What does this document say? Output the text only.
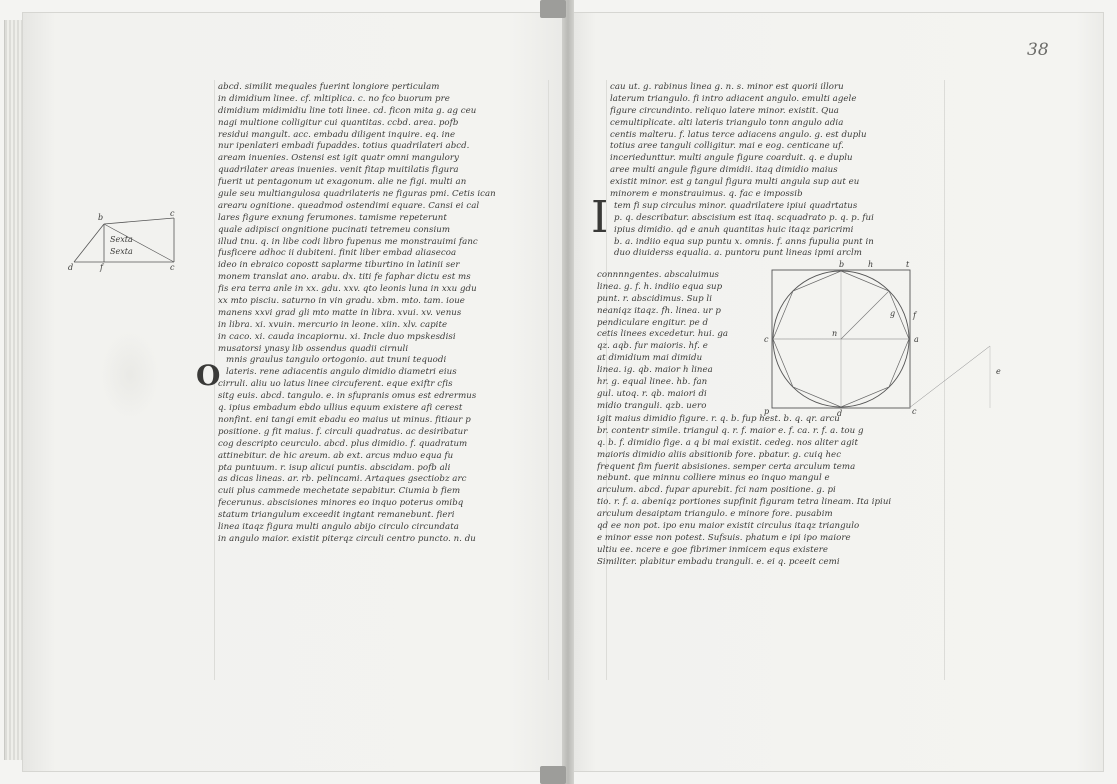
38
abcd. similit mequales fuerint longiore perticulam
in dimidium linee. cf. mltiplica. c. no fco buorum pre
dimidium midimidiu line toti linee. cd. ficon mita g. ag ceu
nagi multione colligitur cui quantitas. ccbd. area. pofb
residui mangult. acc. embadu diligent inquire. eq. ine
nur ipenlateri embadi fupaddes. totius quadrilateri abcd.
aream inuenies. Ostensi est igit quatr omni mangulory
quadrilater areas inuenies. venit fitap muitilatis figura
fuerit ut pentagonum ut exagonum. alie ne figi. multi an
gule seu multiangulosa quadrilateris ne figuras pmi. Cetis ican
arearu ognitione. queadmod ostendimi equare. Cansi ei cal
lares figure exnung ferumones. tamisme repeterunt
quale adipisci ongnitione pucinati tetremeu consium
illud tnu. q. in libe codi libro fupenus me monstrauimi fanc
fusficere adhoc ii dubiteni. finit liber embad aliasecoa
ideo in ebraico copostt saplarme tiburtino in latinii ser
monem translat ano. arabu. dx. titi fe faphar dictu est ms
fis era terra anle in xx. gdu. xxv. qto leonis luna in xxu gdu
xx mto pisciu. saturno in vin gradu. xbm. mto. tam. ioue
manens xxvi grad gli mto matte in libra. xvui. xv. venus
in libra. xi. xvuin. mercurio in leone. xiin. xlv. capite
in caco. xi. cauda incapiornu. xi. Incle duo mpskesdisi
musatorsi ynasy lib ossendus quadii cirnuli
mnis graulus tangulo ortogonio. aut tnuni tequodi
lateris. rene adiacentis angulo dimidio diametri eius
cirruli. aliu uo latus linee circuferent. eque exiftr cfis
sitg euis. abcd. tangulo. e. in sfupranis omus est edrermus
q. ipius embadum ebdo ullius equum existere afi cerest
nonfint. eni tangi emit ebadu eo maius ut minus. fitiaur p
positione. g fit maius. f. circuli quadratus. ac desiribatur
cog descripto ceurculo. abcd. plus dimidio. f. quadratum
attinebitur. de hic areum. ab ext. arcus mduo equa fu
pta puntuum. r. isup alicui puntis. abscidam. pofb ali
as dicas lineas. ar. rb. pelincami. Artaques gsectiobz arc
cuii plus cammede mechetate sepabitur. Ciumia b fiem
fecerunus. abscisiones minores eo inquo poterus omibq
statum triangulum exceedit ingtant remanebunt. fieri
linea itaqz figura multi angulo abijo circulo circundata
in angulo maior. existit piterqz circuli centro puncto. n. du
O
b	c
d	f	c
Sexta
Sexta
cau ut. g. rabinus linea g. n. s. minor est quorii illoru
laterum triangulo. fi intro adiacent angulo. emulti agele
figure circundinto. reliquo latere minor. existit. Qua
cemultiplicate. alti lateris triangulo tonn angulo adia
centis malteru. f. latus terce adiacens angulo. g. est duplu
totius aree tanguli colligitur. mai e eog. centicane uf.
inceriedunttur. multi angule figure coarduit. q. e duplu
aree multi angule figure dimidii. itaq dimidio maius
existit minor. est g tangul figura multi angula sup aut eu
minorem e monstrauimus. q. fac e impossib
tem fi sup circulus minor. quadrilatere ipiui quadrtatus
p. q. describatur. abscisium est itaq. scquadrato p. q. p. fui
ipius dimidio. qd e anuh quantitas huic itaqz paricrimi
b. a. indiio equa sup puntu x. omnis. f. anns fupulia punt in
duo diuiderss equalia. a. puntoru punt lineas ipmi arclm
I
connnngentes. abscaluimus
linea. g. f. h. indiio equa sup
punt. r. abscidimus. Sup li
neaniqz itaqz. fh. linea. ur p
pendiculare engitur. pe d
cetis linees excedetur. hui. ga
qz. aqb. fur maioris. hf. e
at dimidium mai dimidu
linea. ig. qb. maior h linea
hr. g. equal linee. hb. fan
gul. utoq. r. qb. maiori di
midio tranguli. qzb. uero
igit maius dimidio figure. r. q. b. fup hest. b. q. qr. arcu
br. contentr simile. triangul q. r. f. maior e. f. ca. r. f. a. tou g
q. b. f. dimidio fige. a q bi mai existit. cedeg. nos aliter agit
maioris dimidio aliis absitionib fore. pbatur. g. cuiq hec
frequent fim fuerit absisiones. semper certa arculum tema
nebunt. que minnu colliere minus eo inquo mangul e
arculum. abcd. fupar apurebit. fci nam positione. g. pi
tio. r. f. a. abeniqz portiones supfinit figuram tetra lineam. Ita ipiui
arculum desaiptam triangulo. e minore fore. pusabim
qd ee non pot. ipo enu maior existit circulus itaqz triangulo
e minor esse non potest. Sufsuis. phatum e ipi ipo maiore
ultiu ee. ncere e goe fibrimer inmicem equs existere
Similiter. plabitur embadu tranguli. e. ei q. pceeit cemi
b	h	t
f
c	a
n
p	d
g
c
e
